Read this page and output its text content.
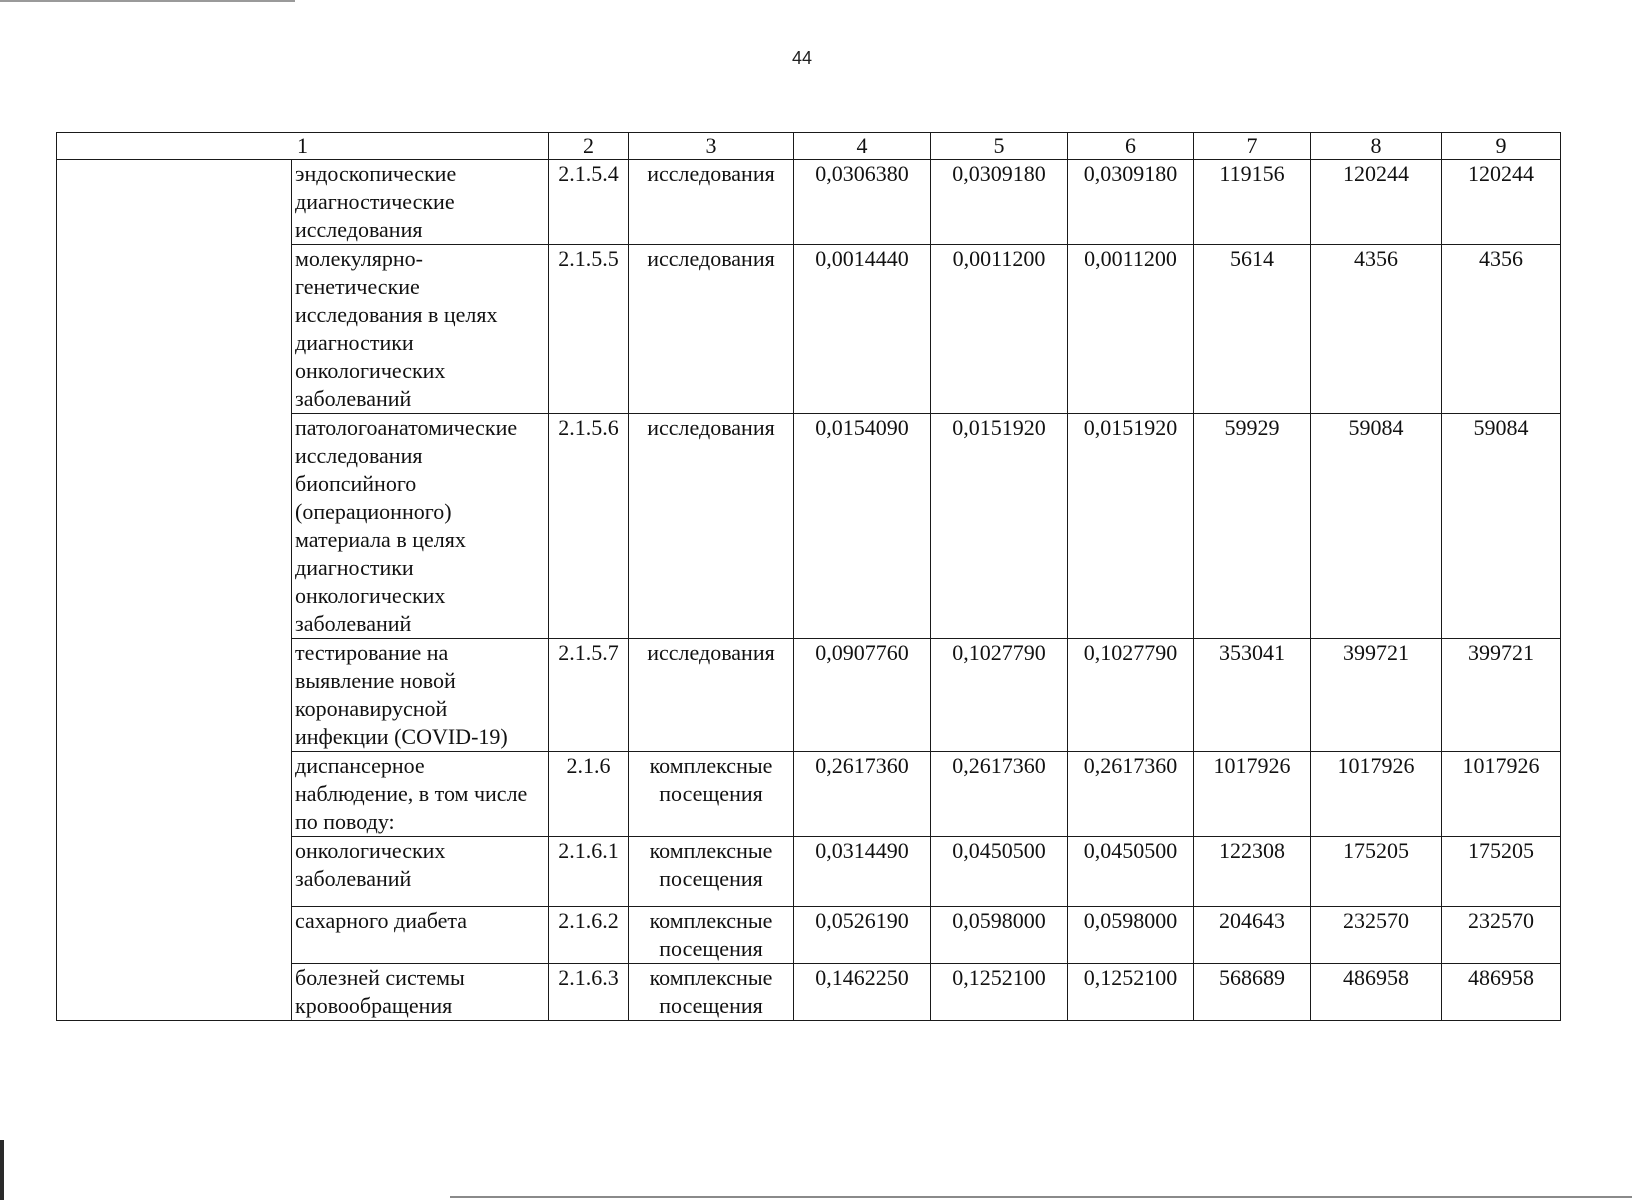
44
1		2	3	4	5	6	7	8	9
	эндоскопические диагностические исследования	2.1.5.4	исследования	0,0306380	0,0309180	0,0309180	119156	120244	120244
	молекулярно-генетические исследования в целях диагностики онкологических заболеваний	2.1.5.5	исследования	0,0014440	0,0011200	0,0011200	5614	4356	4356
	патологоанатомические исследования биопсийного (операционного) материала в целях диагностики онкологических заболеваний	2.1.5.6	исследования	0,0154090	0,0151920	0,0151920	59929	59084	59084
	тестирование на выявление новой коронавирусной инфекции (COVID-19)	2.1.5.7	исследования	0,0907760	0,1027790	0,1027790	353041	399721	399721
	диспансерное наблюдение, в том числе по поводу:	2.1.6	комплексные посещения	0,2617360	0,2617360	0,2617360	1017926	1017926	1017926
	онкологических заболеваний	2.1.6.1	комплексные посещения	0,0314490	0,0450500	0,0450500	122308	175205	175205
	сахарного диабета	2.1.6.2	комплексные посещения	0,0526190	0,0598000	0,0598000	204643	232570	232570
	болезней системы кровообращения	2.1.6.3	комплексные посещения	0,1462250	0,1252100	0,1252100	568689	486958	486958
